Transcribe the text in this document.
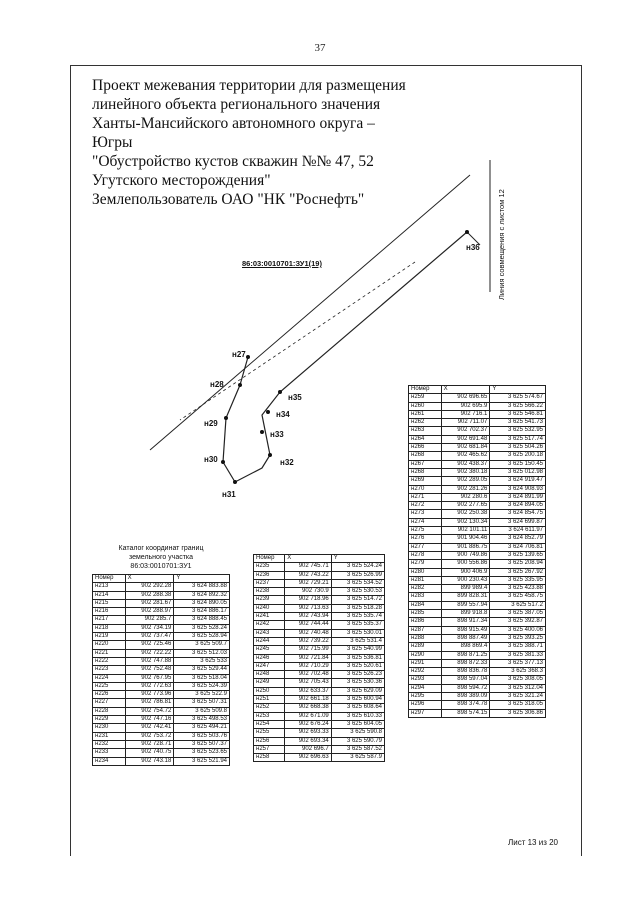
37
Проект межевания территории для размещения
линейного объекта регионального значения
Ханты-Мансийского автономного округа –
Югры
"Обустройство кустов скважин №№ 47, 52
Угутского месторождения"
Землепользователь ОАО "НК "Роснефть"
н27
н28
н29
н30
н31
н32
н33
н34
н35
н36
86:03:0010701:ЗУ1(19)	Линия совмещения с листом 12
Каталог координат границ
земельного участка
86:03:0010701:ЗУ1
Номер	X	Y
н213	902 292.28	3 624 883.88
н214	902 288.38	3 624 892.32
н215	902 281.67	3 624 890.05
н216	902 288.97	3 624 886.17
н217	902 285.7	3 624 888.45
н218	902 734.19	3 625 528.24
н219	902 737.47	3 625 528.94
н220	902 725.46	3 625 509.7
н221	902 722.22	3 625 512.03
н222	902 747.88	3 625 533
н223	902 752.48	3 625 529.44
н224	902 767.95	3 625 518.04
н225	902 772.63	3 625 524.39
н226	902 773.96	3 625 522.9
н227	902 786.81	3 625 507.31
н228	902 754.72	3 625 509.8
н229	902 747.16	3 625 498.53
н230	902 742.41	3 625 494.21
н231	902 753.72	3 625 503.76
н232	902 728.71	3 625 507.37
н233	902 740.75	3 625 523.65
н234	902 743.18	3 625 521.94
Номер	X	Y
н235	902 745.71	3 625 524.24
н236	902 743.22	3 625 526.99
н237	902 729.21	3 625 534.52
н238	902 730.9	3 625 530.53
н239	902 718.96	3 625 514.72
н240	902 713.63	3 625 518.28
н241	902 743.94	3 625 535.74
н242	902 744.44	3 625 535.37
н243	902 740.48	3 625 530.01
н244	902 739.22	3 625 531.4
н245	902 715.99	3 625 540.99
н246	902 721.84	3 625 536.81
н247	902 710.29	3 625 520.61
н248	902 702.48	3 625 526.23
н249	902 705.43	3 625 530.36
н250	902 633.37	3 625 629.09
н251	902 661.18	3 625 600.94
н252	902 668.38	3 625 608.64
н253	902 671.09	3 625 610.33
н254	902 676.24	3 625 604.05
н255	902 693.33	3 625 590.8
н256	902 693.34	3 625 590.79
н257	902 696.7	3 625 587.52
н258	902 696.63	3 625 587.9
Номер	X	Y
н259	902 696.65	3 625 574.67
н260	902 695.9	3 625 566.22
н261	902 716.1	3 625 546.81
н262	902 711.07	3 625 541.73
н263	902 702.37	3 625 532.95
н264	902 691.48	3 625 517.74
н266	902 681.84	3 625 504.26
н268	902 465.62	3 625 200.18
н267	902 438.37	3 625 150.45
н268	902 380.18	3 625 012.98
н269	902 289.05	3 624 919.47
н270	902 281.26	3 624 908.93
н271	902 280.6	3 624 891.99
н272	902 277.65	3 624 894.05
н273	902 250.38	3 624 854.75
н274	902 130.34	3 624 699.87
н275	902 101.11	3 624 611.97
н276	901 904.46	3 624 852.79
н277	901 886.75	3 624 706.81
н278	900 749.86	3 625 139.65
н279	900 556.86	3 625 208.94
н280	900 406.9	3 625 267.92
н281	900 230.43	3 625 335.95
н282	899 989.4	3 625 423.88
н283	899 828.31	3 625 458.75
н284	899 557.94	3 625 517.2
н285	899 918.8	3 625 387.05
н286	898 917.34	3 625 392.87
н287	898 915.49	3 625 400.06
н288	898 887.49	3 625 393.25
н289	898 869.4	3 625 388.71
н290	898 871.25	3 625 381.33
н291	898 872.33	3 625 377.13
н292	898 836.78	3 625 368.3
н293	898 597.04	3 625 308.05
н294	898 594.72	3 625 312.04
н295	898 389.09	3 625 321.24
н296	898 374.78	3 625 318.05
н297	898 574.15	3 625 306.86
Лист 13 из 20
